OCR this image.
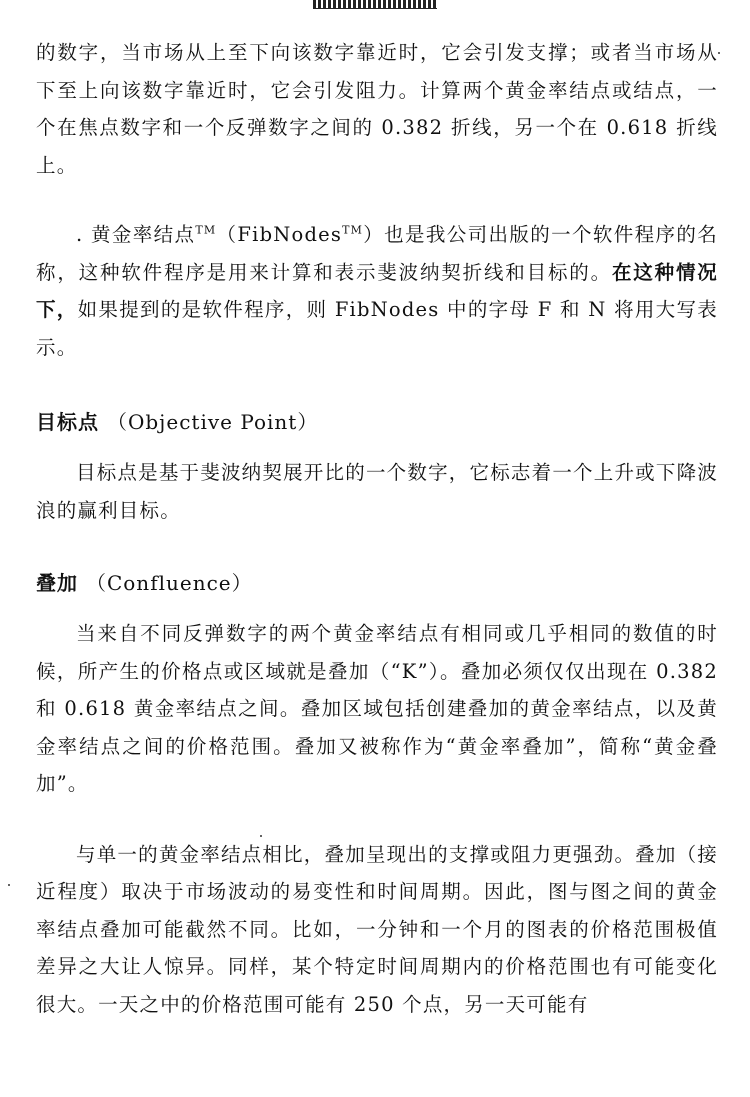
的数字，当市场从上至下向该数字靠近时，它会引发支撑；或者当市场从下至上向该数字靠近时，它会引发阻力。计算两个黄金率结点或结点，一个在焦点数字和一个反弹数字之间的 0.382 折线，另一个在 0.618 折线上。

. 黄金率结点™（FibNodes™）也是我公司出版的一个软件程序的名称，这种软件程序是用来计算和表示斐波纳契折线和目标的。在这种情况下，如果提到的是软件程序，则 FibNodes 中的字母 F 和 N 将用大写表示。

目标点 （Objective Point）

目标点是基于斐波纳契展开比的一个数字，它标志着一个上升或下降波浪的赢利目标。

叠加 （Confluence）

当来自不同反弹数字的两个黄金率结点有相同或几乎相同的数值的时候，所产生的价格点或区域就是叠加（“K”）。叠加必须仅仅出现在 0.382 和 0.618 黄金率结点之间。叠加区域包括创建叠加的黄金率结点，以及黄金率结点之间的价格范围。叠加又被称作为“黄金率叠加”，简称“黄金叠加”。

与单一的黄金率结点相比，叠加呈现出的支撑或阻力更强劲。叠加（接近程度）取决于市场波动的易变性和时间周期。因此，图与图之间的黄金率结点叠加可能截然不同。比如，一分钟和一个月的图表的价格范围极值差异之大让人惊异。同样，某个特定时间周期内的价格范围也有可能变化很大。一天之中的价格范围可能有 250 个点，另一天可能有
